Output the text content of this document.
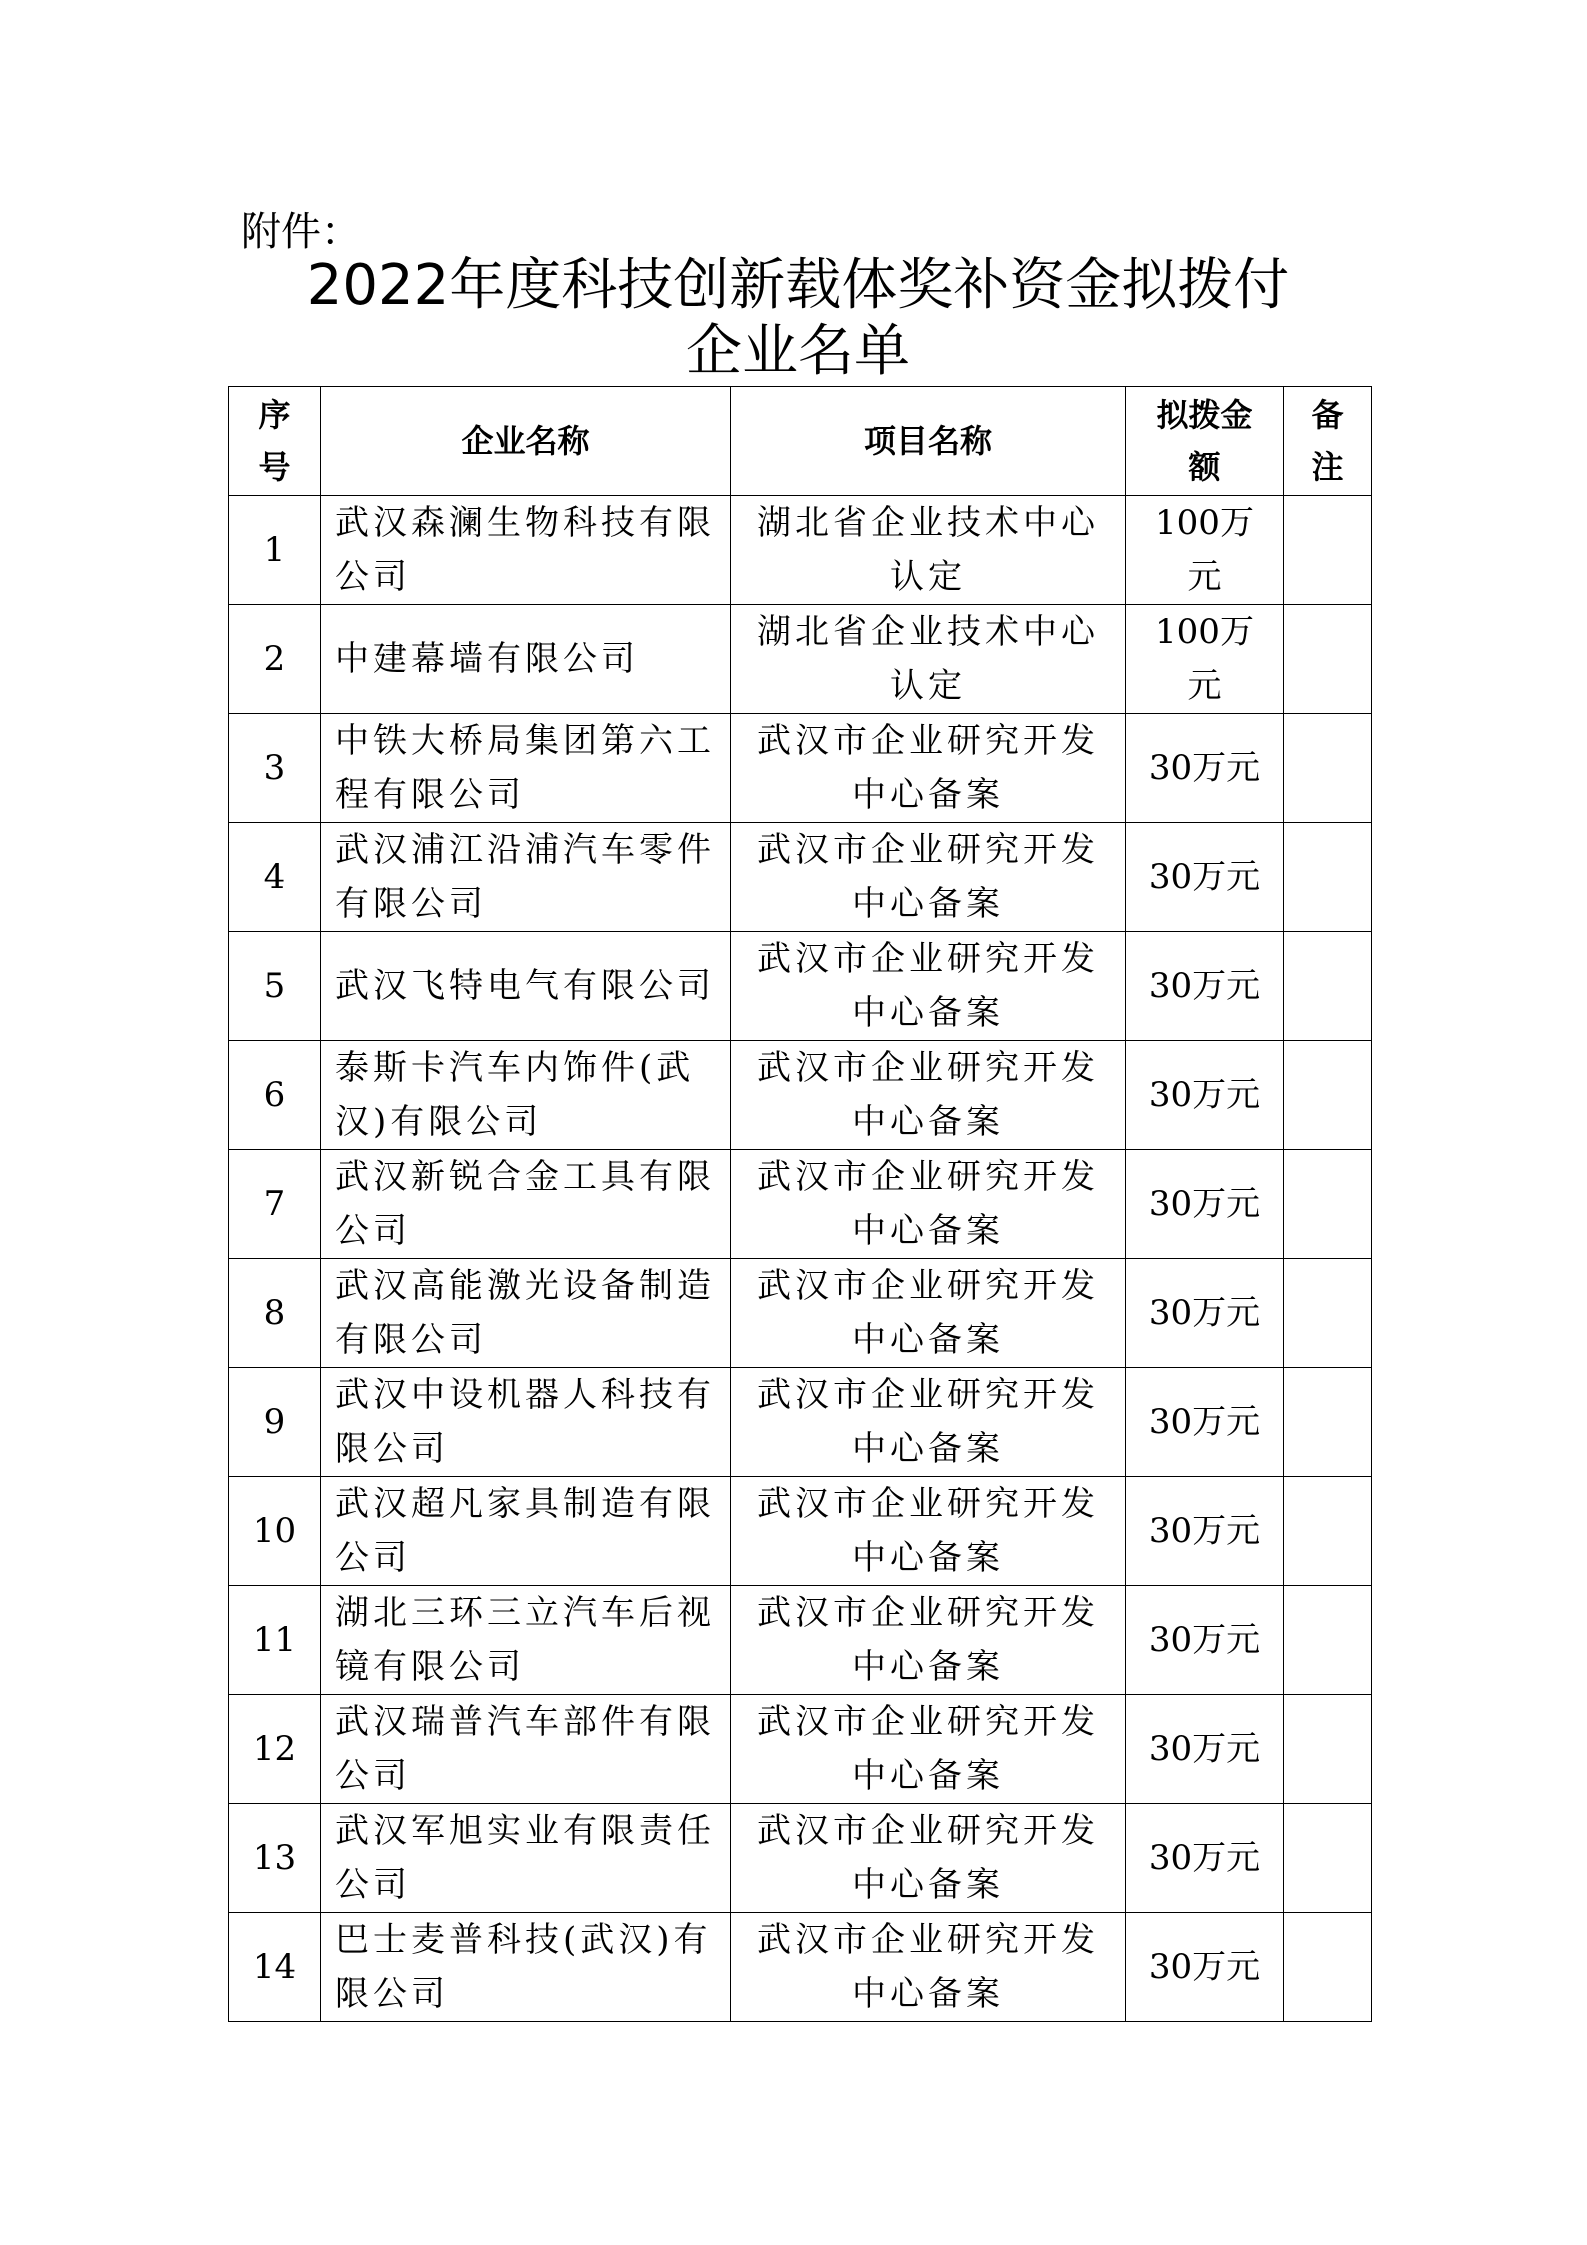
附件：
2022年度科技创新载体奖补资金拟拨付
企业名单
序号	企业名称	项目名称	拟拨金额	备注
1	武汉森澜生物科技有限公司	湖北省企业技术中心认定	100万元	
2	中建幕墙有限公司	湖北省企业技术中心认定	100万元	
3	中铁大桥局集团第六工程有限公司	武汉市企业研究开发中心备案	30万元	
4	武汉浦江沿浦汽车零件有限公司	武汉市企业研究开发中心备案	30万元	
5	武汉飞特电气有限公司	武汉市企业研究开发中心备案	30万元	
6	泰斯卡汽车内饰件(武汉)有限公司	武汉市企业研究开发中心备案	30万元	
7	武汉新锐合金工具有限公司	武汉市企业研究开发中心备案	30万元	
8	武汉高能激光设备制造有限公司	武汉市企业研究开发中心备案	30万元	
9	武汉中设机器人科技有限公司	武汉市企业研究开发中心备案	30万元	
10	武汉超凡家具制造有限公司	武汉市企业研究开发中心备案	30万元	
11	湖北三环三立汽车后视镜有限公司	武汉市企业研究开发中心备案	30万元	
12	武汉瑞普汽车部件有限公司	武汉市企业研究开发中心备案	30万元	
13	武汉军旭实业有限责任公司	武汉市企业研究开发中心备案	30万元	
14	巴士麦普科技(武汉)有限公司	武汉市企业研究开发中心备案	30万元	
